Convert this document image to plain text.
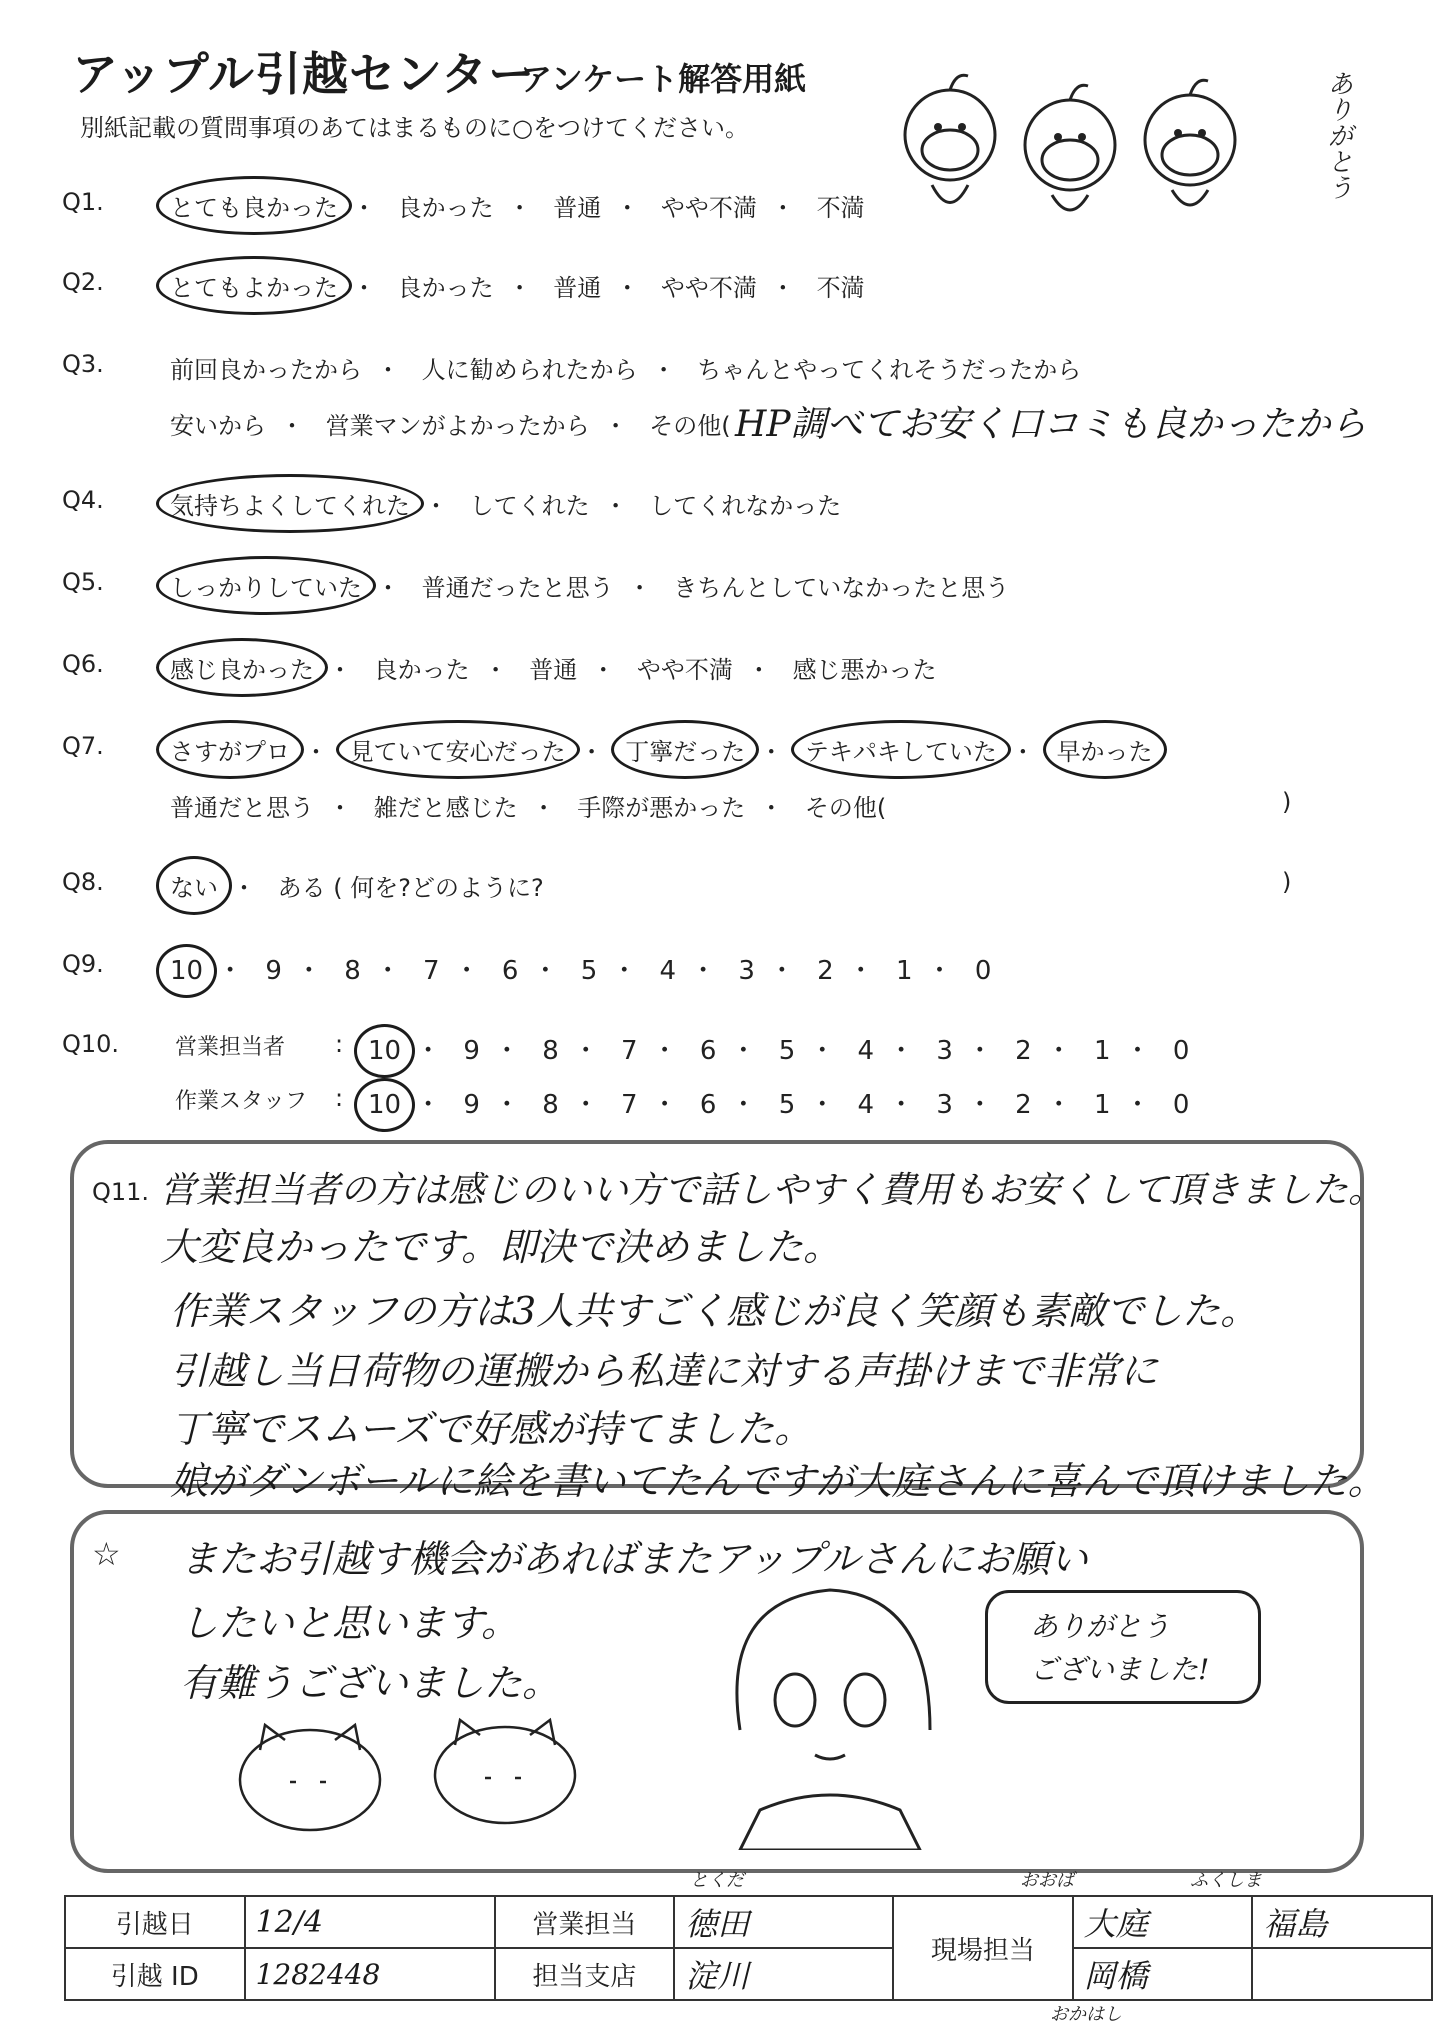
アップル引越センター
アンケート解答用紙
別紙記載の質問事項のあてはまるものに○をつけてください。	ありがとう
Q1.	とても良かった ・ 良かった ・ 普通 ・ やや不満 ・ 不満
Q2.	とてもよかった ・ 良かった ・ 普通 ・ やや不満 ・ 不満
Q3.	前回良かったから ・ 人に勧められたから ・ ちゃんとやってくれそうだったから
安いから ・ 営業マンがよかったから ・ その他( HP調べてお安く口コミも良かったから
Q4.	気持ちよくしてくれた ・ してくれた ・ してくれなかった
Q5.	しっかりしていた ・ 普通だったと思う ・ きちんとしていなかったと思う
Q6.	感じ良かった ・ 良かった ・ 普通 ・ やや不満 ・ 感じ悪かった
Q7.	さすがプロ ・ 見ていて安心だった ・ 丁寧だった ・ テキパキしていた ・ 早かった
普通だと思う ・ 雑だと感じた ・ 手際が悪かった ・ その他(	)
Q8.	ない ・ ある ( 何を?どのように?	)
Q9.	10 ・ 9 ・ 8 ・ 7 ・ 6 ・ 5 ・ 4 ・ 3 ・ 2 ・ 1 ・ 0
Q10.	営業担当者 : 10 ・ 9 ・ 8 ・ 7 ・ 6 ・ 5 ・ 4 ・ 3 ・ 2 ・ 1 ・ 0
作業スタッフ : 10 ・ 9 ・ 8 ・ 7 ・ 6 ・ 5 ・ 4 ・ 3 ・ 2 ・ 1 ・ 0
Q11. 営業担当者の方は感じのいい方で話しやすく費用もお安くして頂きました。
大変良かったです。即決で決めました。
作業スタッフの方は3人共すごく感じが良く笑顔も素敵でした。
引越し当日荷物の運搬から私達に対する声掛けまで非常に
丁寧でスムーズで好感が持てました。
娘がダンボールに絵を書いてたんですが大庭さんに喜んで頂けました。
☆ またお引越す機会があればまたアップルさんにお願い
したいと思います。
有難うございました。
ありがとう
ございました!
とくだ	おおば	ふくしま
引越日	12/4	営業担当	徳田	現場担当	大庭	福島
引越 ID	1282448	担当支店	淀川		岡橋	
おかはし
